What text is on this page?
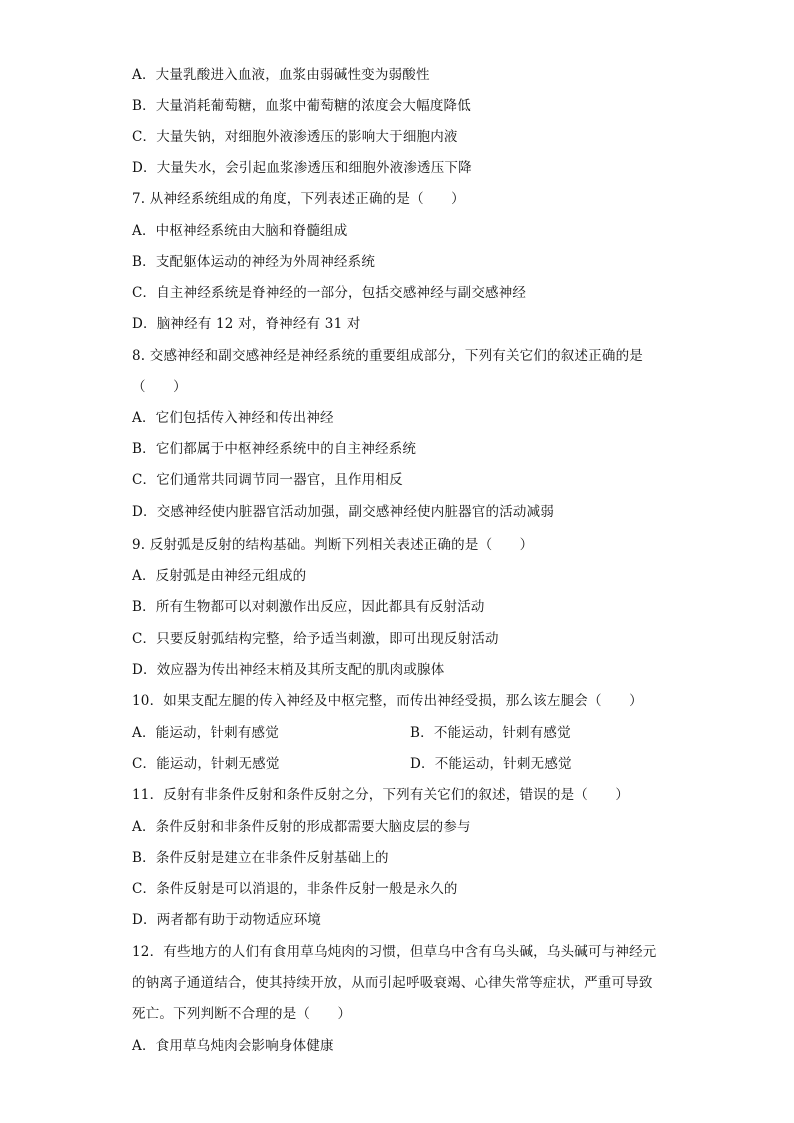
A．大量乳酸进入血液，血浆由弱碱性变为弱酸性
B．大量消耗葡萄糖，血浆中葡萄糖的浓度会大幅度降低
C．大量失钠，对细胞外液渗透压的影响大于细胞内液
D．大量失水，会引起血浆渗透压和细胞外液渗透压下降
7. 从神经系统组成的角度，下列表述正确的是（　　）
A．中枢神经系统由大脑和脊髓组成
B．支配躯体运动的神经为外周神经系统
C．自主神经系统是脊神经的一部分，包括交感神经与副交感神经
D．脑神经有 12 对，脊神经有 31 对
8. 交感神经和副交感神经是神经系统的重要组成部分，下列有关它们的叙述正确的是
（　　）
A．它们包括传入神经和传出神经
B．它们都属于中枢神经系统中的自主神经系统
C．它们通常共同调节同一器官，且作用相反
D．交感神经使内脏器官活动加强，副交感神经使内脏器官的活动减弱
9. 反射弧是反射的结构基础。判断下列相关表述正确的是（　　）
A．反射弧是由神经元组成的
B．所有生物都可以对刺激作出反应，因此都具有反射活动
C．只要反射弧结构完整，给予适当刺激，即可出现反射活动
D．效应器为传出神经末梢及其所支配的肌肉或腺体
10．如果支配左腿的传入神经及中枢完整，而传出神经受损，那么该左腿会（　　）
A．能运动，针刺有感觉	B．不能运动，针刺有感觉
C．能运动，针刺无感觉	D．不能运动，针刺无感觉
11．反射有非条件反射和条件反射之分，下列有关它们的叙述，错误的是（　　）
A．条件反射和非条件反射的形成都需要大脑皮层的参与
B．条件反射是建立在非条件反射基础上的
C．条件反射是可以消退的，非条件反射一般是永久的
D．两者都有助于动物适应环境
12．有些地方的人们有食用草乌炖肉的习惯，但草乌中含有乌头碱，乌头碱可与神经元
的钠离子通道结合，使其持续开放，从而引起呼吸衰竭、心律失常等症状，严重可导致
死亡。下列判断不合理的是（　　）
A．食用草乌炖肉会影响身体健康
